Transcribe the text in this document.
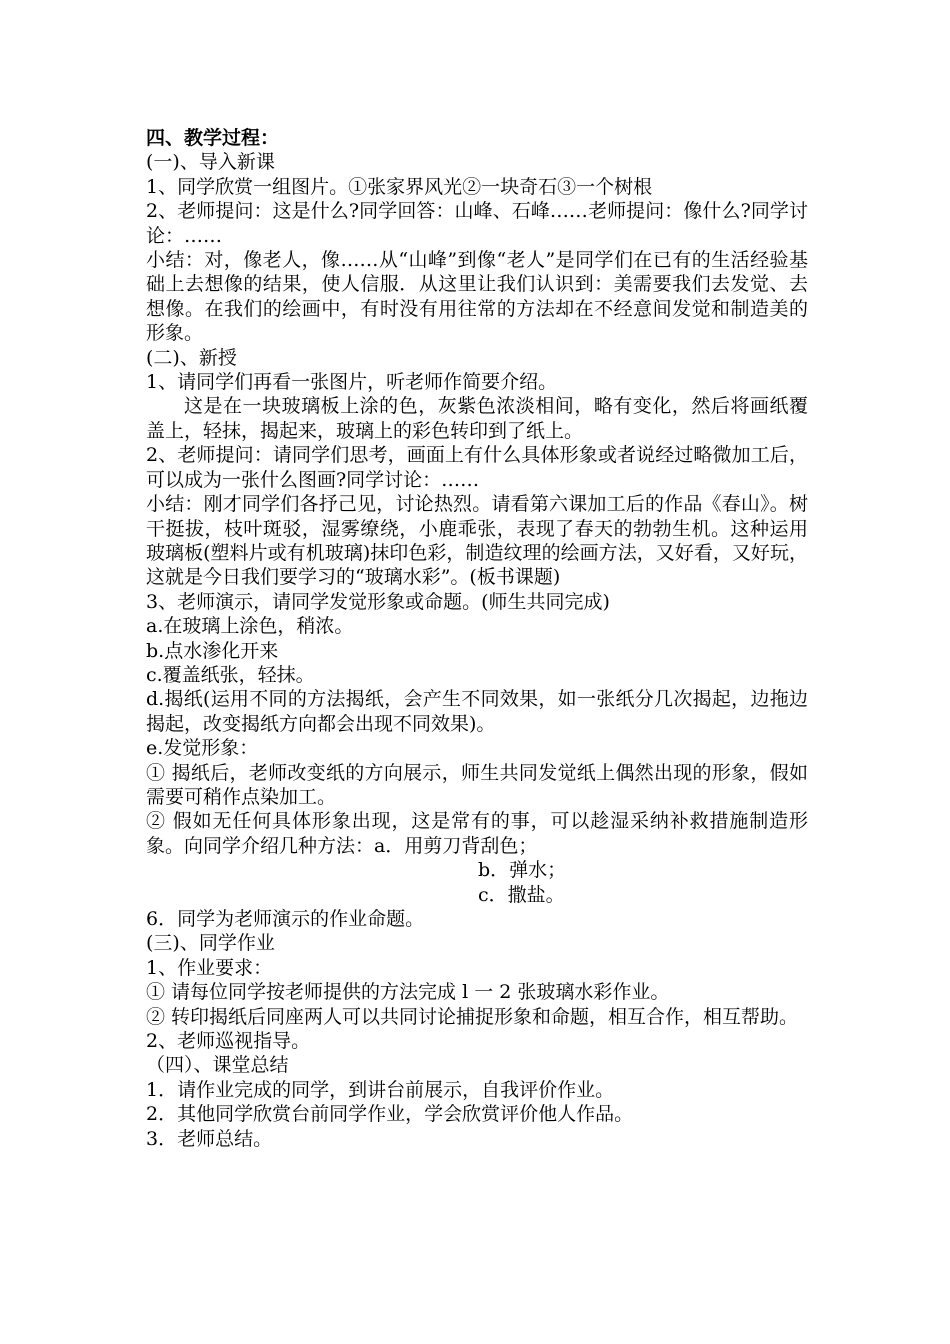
四、教学过程：

(一)、导入新课

1、同学欣赏一组图片。①张家界风光②一块奇石③一个树根

2、老师提问：这是什么?同学回答：山峰、石峰……老师提问：像什么?同学讨论：……

小结：对，像老人，像……从“山峰”到像“老人”是同学们在已有的生活经验基础上去想像的结果，使人信服．从这里让我们认识到：美需要我们去发觉、去想像。在我们的绘画中，有时没有用往常的方法却在不经意间发觉和制造美的形象。

(二)、新授

1、请同学们再看一张图片，听老师作简要介绍。

这是在一块玻璃板上涂的色，灰紫色浓淡相间，略有变化，然后将画纸覆盖上，轻抹，揭起来，玻璃上的彩色转印到了纸上。

2、老师提问：请同学们思考，画面上有什么具体形象或者说经过略微加工后，可以成为一张什么图画?同学讨论：……

小结：刚才同学们各抒己见，讨论热烈。请看第六课加工后的作品《春山》。树干挺拔，枝叶斑驳，湿雾缭绕，小鹿乖张，表现了春天的勃勃生机。这种运用玻璃板(塑料片或有机玻璃)抹印色彩，制造纹理的绘画方法，又好看，又好玩，这就是今日我们要学习的“玻璃水彩”。(板书课题)

3、老师演示，请同学发觉形象或命题。(师生共同完成)

a.在玻璃上涂色，稍浓。

b.点水渗化开来

c.覆盖纸张，轻抹。

d.揭纸(运用不同的方法揭纸，会产生不同效果，如一张纸分几次揭起，边拖边揭起，改变揭纸方向都会出现不同效果)。

e.发觉形象：

① 揭纸后，老师改变纸的方向展示，师生共同发觉纸上偶然出现的形象，假如需要可稍作点染加工。

② 假如无任何具体形象出现，这是常有的事，可以趁湿采纳补救措施制造形象。向同学介绍几种方法：a．用剪刀背刮色；

b．弹水；

c．撒盐。

6．同学为老师演示的作业命题。

(三)、同学作业

1、作业要求：

① 请每位同学按老师提供的方法完成 l 一 2 张玻璃水彩作业。

② 转印揭纸后同座两人可以共同讨论捕捉形象和命题，相互合作，相互帮助。

2、老师巡视指导。

（四）、课堂总结

1．请作业完成的同学，到讲台前展示，自我评价作业。

2．其他同学欣赏台前同学作业，学会欣赏评价他人作品。

3．老师总结。
